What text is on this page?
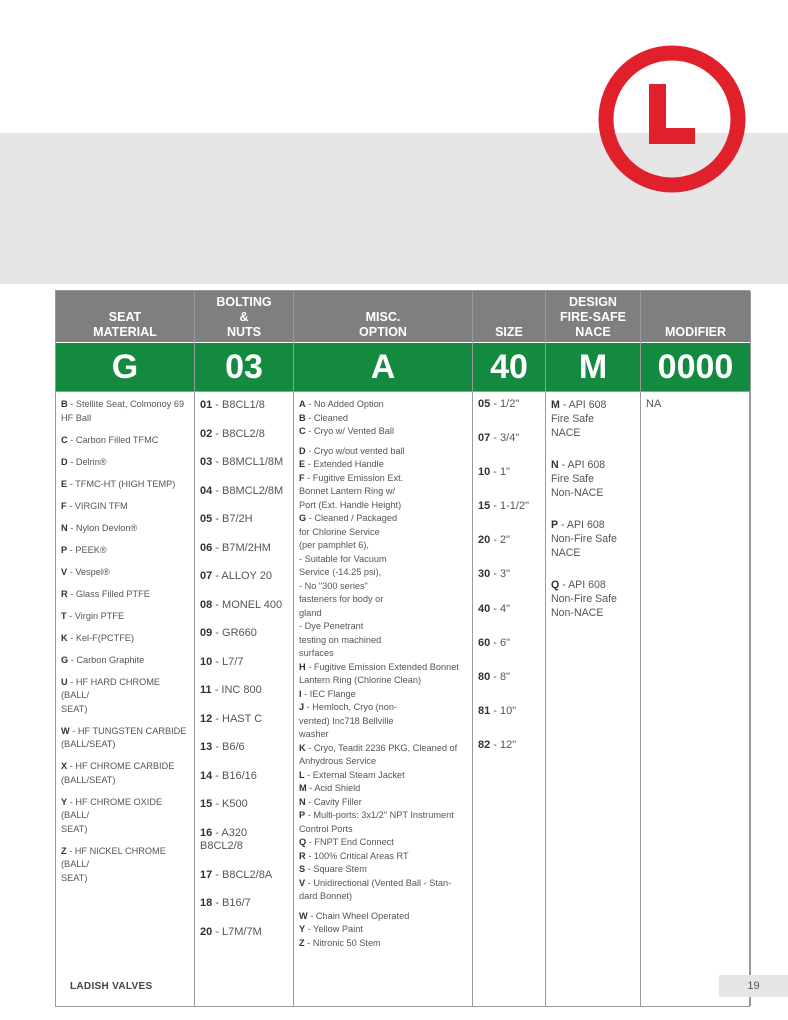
SEAT
MATERIAL
G
B - Stellite Seat, Colmonoy 69
HF Ball
C - Carbon Filled TFMC
D - Delrin®
E - TFMC-HT (HIGH TEMP)
F - VIRGIN TFM
N - Nylon Devlon®
P - PEEK®
V - Vespel®
R - Glass Filled PTFE
T - Virgin PTFE
K - Kel-F(PCTFE)
G - Carbon Graphite
U - HF HARD CHROME (BALL/
SEAT)
W - HF TUNGSTEN CARBIDE
(BALL/SEAT)
X - HF CHROME CARBIDE
(BALL/SEAT)
Y - HF CHROME OXIDE (BALL/
SEAT)
Z - HF NICKEL CHROME (BALL/
SEAT)
BOLTING
&
NUTS
03
01 - B8CL1/8
02 - B8CL2/8
03 - B8MCL1/8M
04 - B8MCL2/8M
05 - B7/2H
06 - B7M/2HM
07 - ALLOY 20
08 - MONEL 400
09 - GR660
10 - L7/7
11 - INC 800
12 - HAST C
13 - B6/6
14 - B16/16
15 - K500
16 - A320 B8CL2/8
17 - B8CL2/8A
18 - B16/7
20 - L7M/7M
MISC.
OPTION
A
A - No Added Option
B - Cleaned
C - Cryo w/ Vented Ball
D - Cryo w/out vented ball
E - Extended Handle
F - Fugitive Emission Ext.
Bonnet Lantern Ring w/
Port (Ext. Handle Height)
G - Cleaned / Packaged
for Chlorine Service
(per pamphlet 6),
- Suitable for Vacuum
Service (-14.25 psi),
- No "300 series"
fasteners for body or
gland
- Dye Penetrant
testing on machined
surfaces
H - Fugitive Emission Extended Bonnet
Lantern Ring (Chlorine Clean)
I - IEC Flange
J - Hemloch, Cryo (non-
vented) Inc718 Bellville
washer
K - Cryo, Teadit 2236 PKG, Cleaned of
Anhydrous Service
L - External Steam Jacket
M - Acid Shield
N - Cavity Filler
P - Multi-ports: 3x1/2" NPT Instrument
Control Ports
Q - FNPT End Connect
R - 100% Critical Areas RT
S - Square Stem
V - Unidirectional (Vented Ball - Stan-
dard Bonnet)
W - Chain Wheel Operated
Y - Yellow Paint
Z - Nitronic 50 Stem
SIZE
40
05 - 1/2"
07 - 3/4"
10 - 1"
15 - 1-1/2"
20 - 2"
30 - 3"
40 - 4"
60 - 6"
80 - 8"
81 - 10"
82 - 12"
DESIGN
FIRE-SAFE
NACE
M
M - API 608
Fire Safe
NACE
N - API 608
Fire Safe
Non-NACE
P - API 608
Non-Fire Safe
NACE
Q - API 608
Non-Fire Safe
Non-NACE
MODIFIER
0000
NA
LADISH VALVES	19
